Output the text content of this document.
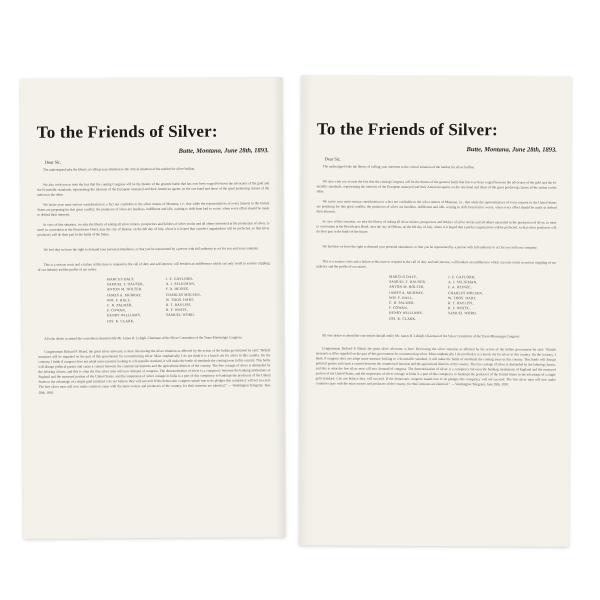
To the Friends of Silver:
Butte, Montana, June 28th, 1893.
Dear Sir,

The undersigned take the liberty of calling your attention to the critical situation of the market for silver bullion.

We also wish you to note the fact that the coming Congress will be the theatre of the greatest battle that has ever been waged between the advocates of the gold and the bi-metallic standards, representing the interests of the European moneyed and their American agents on the one hand and those of the great producing classes of the nation on the other.

We invite your most serious consideration to a fact not creditable to the silver miners of Montana, i.e., that while the representatives of every interest in the United States are preparing for this great conflict, the producers of silver are heedless, indifferent and idle, waiting to drift from bad to worse, when every effort should be made to defend their interests.

In view of this situation, we take the liberty of asking all silver miners, prospectors and holders of silver stocks and all others interested in the production of silver, to meet in convention at the Broadwater Hotel, near the city of Helena, on the 6th day of July, where it is hoped that a perfect organization will be perfected, so that silver producers will do their part in the battle of the future.

We feel that we have the right to demand your personal attendance, or that you be represented by a person with full authority to act for you and your company.

This is a serious crisis and a failure at this time to respond to the call of duty and self-interest, will betoken an indifference which can only result in serious crippling of our industry and the profits of our mines.

MARCUS DALY,
SAMUEL T. HAUSER,
ANTON M. HOLTER,
JAMES A. MURRAY,
WM. F. HALL,
C. H. PALMER,
F. COWAN,
HENRY WILLIAMS,
JOS. K. CLARK,
J. E. GAYLORD,
A. J. SELIGMAN,
F. A. HEINZE,
CHARLES MOLSEN,
W. THOS. HART,
R. T. BAYLISS,
R. F. WHITE,
SAMUEL WORD.

All who desire to attend the convention should notify Mr. James B. Leliigh, Chairman of the Silver Committee of the Trans-Mississippi Congress.

Congressman Richard P. Bland, the great silver advocate, is here. Reviewing the silver situation as affected by the action of the Indian government he said: "British measures will be regarded on the part of this government for reconstructing silver. Most emphatically I do not think it is a knock out for silver in this country. On the contrary, I think if congress does not adopt some measure looking to a bi-metallic standard, it will make the battle of standards the coming issue in this country. This battle will disrupt political parties and cause a contest between the commercial interests and the agricultural districts of the country. The free coinage of silver is demanded by the laboring classes, and this is what the free silver men will now demand of congress. The demonetization of silver is a conspiracy between the banking institutions of England and the moneyed portion of the United States, and the suspension of silver coinage in India is a part of this conspiracy to bankrupt the producers of the United States to the advantage of a single gold standard. I do not believe they will succeed. If the democratic congress stands true to its pledges this conspiracy will not succeed. The free silver men will now make common cause with the mine owners and producers of the country, for their interests are identical." — Washington Telegram, June 28th, 1893.

To the Friends of Silver:
Butte, Montana, June 28th, 1893.
Dear Sir,

The undersigned take the liberty of calling your attention to the critical situation of the market for silver bullion.

We also wish you to note the fact that the coming Congress will be the theatre of the greatest battle that has ever been waged between the advocates of the gold and the bi-metallic standards, representing the interests of the European moneyed and their American agents on the one hand and those of the great producing classes of the nation on the other.

We invite your most serious consideration to a fact not creditable to the silver miners of Montana, i.e., that while the representatives of every interest in the United States are preparing for this great conflict, the producers of silver are heedless, indifferent and idle, waiting to drift from bad to worse, when every effort should be made to defend their interests.

In view of this situation, we take the liberty of asking all silver miners, prospectors and holders of silver stocks and all others interested in the production of silver, to meet in convention at the Broadwater Hotel, near the city of Helena, on the 6th day of July, where it is hoped that a perfect organization will be perfected, so that silver producers will do their part in the battle of the future.

We feel that we have the right to demand your personal attendance, or that you be represented by a person with full authority to act for you and your company.

This is a serious crisis and a failure at this time to respond to the call of duty and self-interest, will betoken an indifference which can only result in serious crippling of our industry and the profits of our mines.

MARCUS DALY,
SAMUEL T. HAUSER,
ANTON M. HOLTER,
JAMES A. MURRAY,
WM. F. HALL,
C. H. PALMER,
F. COWAN,
HENRY WILLIAMS,
JOS. K. CLARK,
J. E. GAYLORD,
A. J. SELIGMAN,
F. A. HEINZE,
CHARLES MOLSEN,
W. THOS. HART,
R. T. BAYLISS,
R. F. WHITE,
SAMUEL WORD.

All who desire to attend the convention should notify Mr. James B. Leliigh, Chairman of the Silver Committee of the Trans-Mississippi Congress.

Congressman Richard P. Bland, the great silver advocate, is here. Reviewing the silver situation as affected by the action of the Indian government he said: "British measures will be regarded on the part of this government for reconstructing silver. Most emphatically I do not think it is a knock out for silver in this country. On the contrary, I think if congress does not adopt some measure looking to a bi-metallic standard, it will make the battle of standards the coming issue in this country. This battle will disrupt political parties and cause a contest between the commercial interests and the agricultural districts of the country. The free coinage of silver is demanded by the laboring classes, and this is what the free silver men will now demand of congress. The demonetization of silver is a conspiracy between the banking institutions of England and the moneyed portion of the United States, and the suspension of silver coinage in India is a part of this conspiracy to bankrupt the producers of the United States to the advantage of a single gold standard. I do not believe they will succeed. If the democratic congress stands true to its pledges this conspiracy will not succeed. The free silver men will now make common cause with the mine owners and producers of the country, for their interests are identical." — Washington Telegram, June 28th, 1893.
